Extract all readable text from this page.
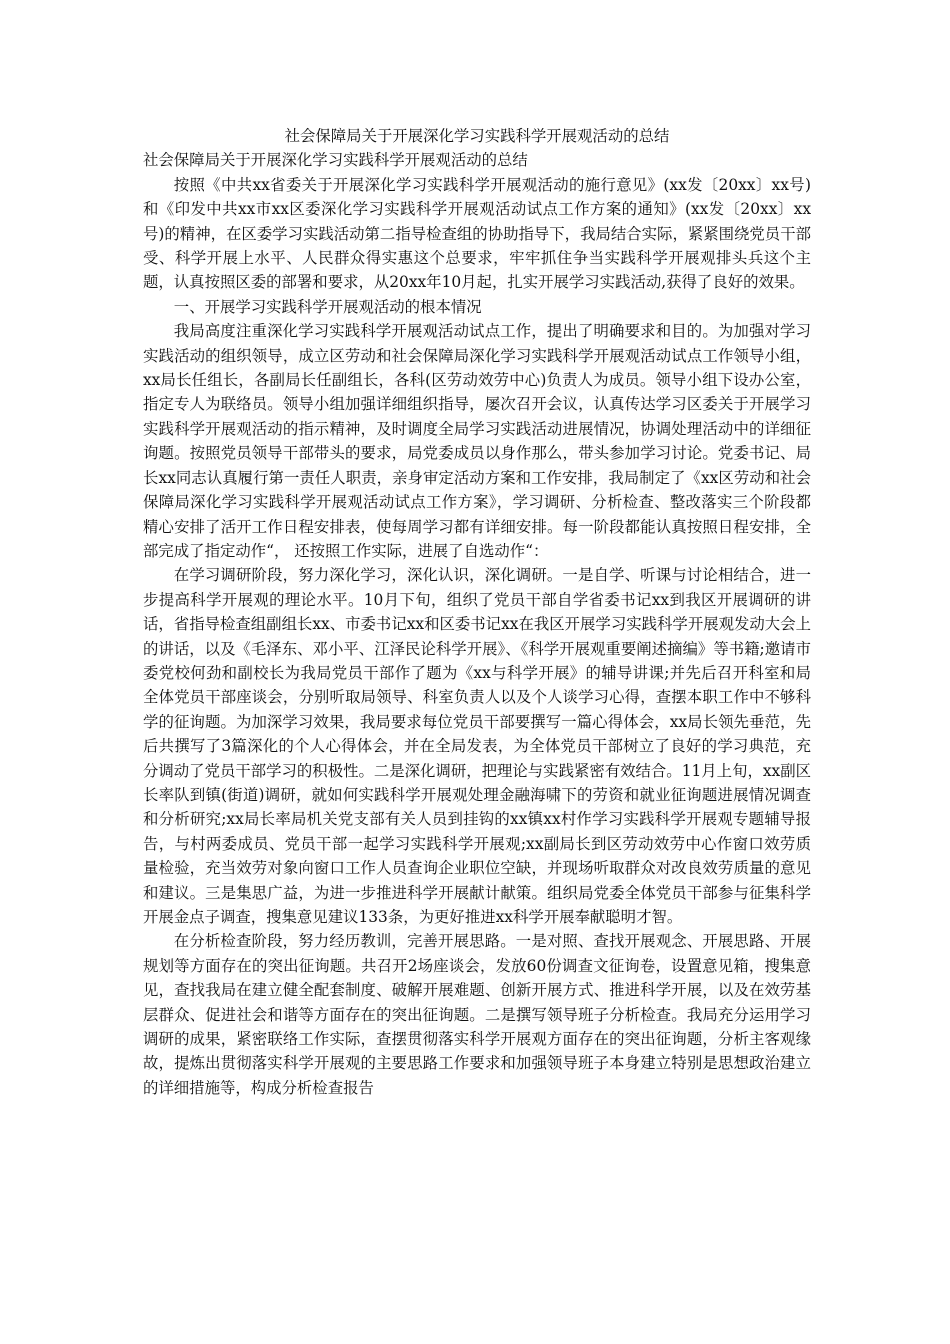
社会保障局关于开展深化学习实践科学开展观活动的总结

社会保障局关于开展深化学习实践科学开展观活动的总结

按照《中共xx省委关于开展深化学习实践科学开展观活动的施行意见》(xx发〔20xx〕xx号)和《印发中共xx市xx区委深化学习实践科学开展观活动试点工作方案的通知》(xx发〔20xx〕xx号)的精神，在区委学习实践活动第二指导检查组的协助指导下，我局结合实际，紧紧围绕党员干部受、科学开展上水平、人民群众得实惠这个总要求，牢牢抓住争当实践科学开展观排头兵这个主题，认真按照区委的部署和要求，从20xx年10月起，扎实开展学习实践活动,获得了良好的效果。

一、开展学习实践科学开展观活动的根本情况

我局高度注重深化学习实践科学开展观活动试点工作，提出了明确要求和目的。为加强对学习实践活动的组织领导，成立区劳动和社会保障局深化学习实践科学开展观活动试点工作领导小组，xx局长任组长，各副局长任副组长，各科(区劳动效劳中心)负责人为成员。领导小组下设办公室，指定专人为联络员。领导小组加强详细组织指导，屡次召开会议，认真传达学习区委关于开展学习实践科学开展观活动的指示精神，及时调度全局学习实践活动进展情况，协调处理活动中的详细征询题。按照党员领导干部带头的要求，局党委成员以身作那么，带头参加学习讨论。党委书记、局长xx同志认真履行第一责任人职责，亲身审定活动方案和工作安排，我局制定了《xx区劳动和社会保障局深化学习实践科学开展观活动试点工作方案》，学习调研、分析检查、整改落实三个阶段都精心安排了活开工作日程安排表，使每周学习都有详细安排。每一阶段都能认真按照日程安排，全部完成了指定动作“， 还按照工作实际，进展了自选动作“：

在学习调研阶段，努力深化学习，深化认识，深化调研。一是自学、听课与讨论相结合，进一步提高科学开展观的理论水平。10月下旬，组织了党员干部自学省委书记xx到我区开展调研的讲话，省指导检查组副组长xx、市委书记xx和区委书记xx在我区开展学习实践科学开展观发动大会上的讲话，以及《毛泽东、邓小平、江泽民论科学开展》、《科学开展观重要阐述摘编》等书籍;邀请市委党校何劲和副校长为我局党员干部作了题为《xx与科学开展》的辅导讲课;并先后召开科室和局全体党员干部座谈会，分别听取局领导、科室负责人以及个人谈学习心得，查摆本职工作中不够科学的征询题。为加深学习效果，我局要求每位党员干部要撰写一篇心得体会，xx局长领先垂范，先后共撰写了3篇深化的个人心得体会，并在全局发表，为全体党员干部树立了良好的学习典范，充分调动了党员干部学习的积极性。二是深化调研，把理论与实践紧密有效结合。11月上旬，xx副区长率队到镇(街道)调研，就如何实践科学开展观处理金融海啸下的劳资和就业征询题进展情况调查和分析研究;xx局长率局机关党支部有关人员到挂钩的xx镇xx村作学习实践科学开展观专题辅导报告，与村两委成员、党员干部一起学习实践科学开展观;xx副局长到区劳动效劳中心作窗口效劳质量检验，充当效劳对象向窗口工作人员查询企业职位空缺，并现场听取群众对改良效劳质量的意见和建议。三是集思广益，为进一步推进科学开展献计献策。组织局党委全体党员干部参与征集科学开展金点子调查，搜集意见建议133条，为更好推进xx科学开展奉献聪明才智。

在分析检查阶段，努力经历教训，完善开展思路。一是对照、查找开展观念、开展思路、开展规划等方面存在的突出征询题。共召开2场座谈会，发放60份调查文征询卷，设置意见箱，搜集意见，查找我局在建立健全配套制度、破解开展难题、创新开展方式、推进科学开展，以及在效劳基层群众、促进社会和谐等方面存在的突出征询题。二是撰写领导班子分析检查。我局充分运用学习调研的成果，紧密联络工作实际，查摆贯彻落实科学开展观方面存在的突出征询题，分析主客观缘故，提炼出贯彻落实科学开展观的主要思路工作要求和加强领导班子本身建立特别是思想政治建立的详细措施等，构成分析检查报告
